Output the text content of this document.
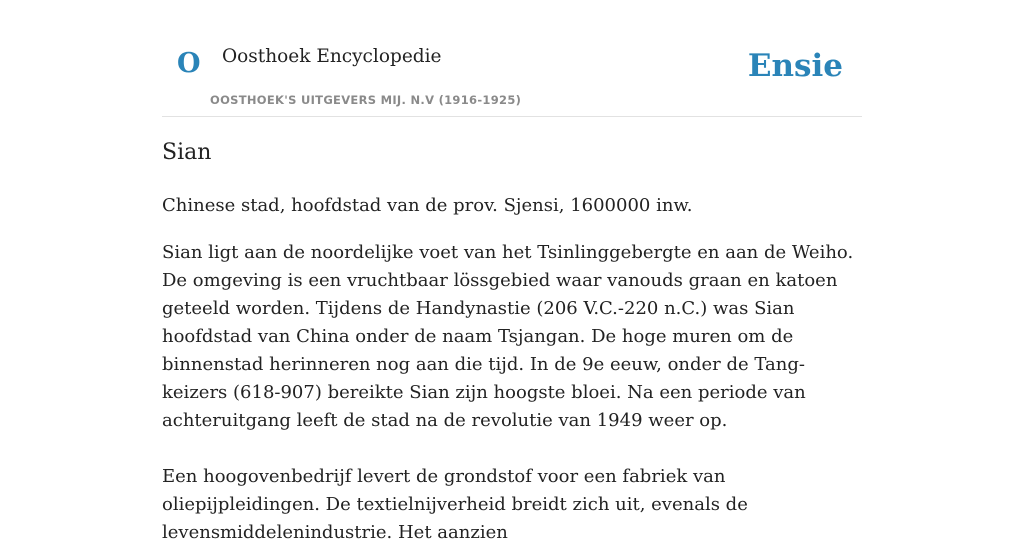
O Oosthoek Encyclopedie
OOSTHOEK'S UITGEVERS MIJ. N.V (1916-1925)
Ensie
Sian

Chinese stad, hoofdstad van de prov. Sjensi, 1600000 inw.

Sian ligt aan de noordelijke voet van het Tsinlinggebergte en aan de Weiho. De omgeving is een vruchtbaar lössgebied waar vanouds graan en katoen geteeld worden. Tijdens de Handynastie (206 V.C.-220 n.C.) was Sian hoofdstad van China onder de naam Tsjangan. De hoge muren om de binnenstad herinneren nog aan die tijd. In de 9e eeuw, onder de Tang-keizers (618-907) bereikte Sian zijn hoogste bloei. Na een periode van achteruitgang leeft de stad na de revolutie van 1949 weer op.

Een hoogovenbedrijf levert de grondstof voor een fabriek van oliepijpleidingen. De textielnijverheid breidt zich uit, evenals de levensmiddelenindustrie. Het aanzien
